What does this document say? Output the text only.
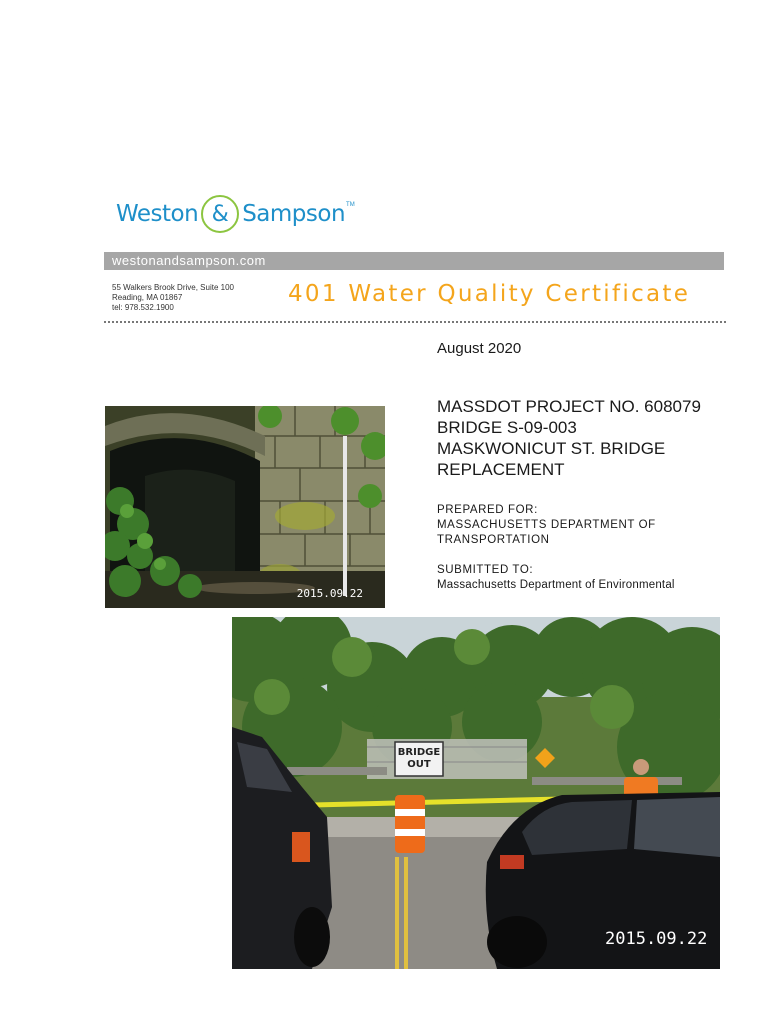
Weston & Sampson TM
westonandsampson.com
55 Walkers Brook Drive, Suite 100
Reading, MA 01867
tel: 978.532.1900
401 Water Quality Certificate
August 2020
MASSDOT PROJECT NO. 608079
BRIDGE S-09-003
MASKWONICUT ST. BRIDGE
REPLACEMENT
PREPARED FOR:
MASSACHUSETTS DEPARTMENT OF
TRANSPORTATION
SUBMITTED TO:
Massachusetts Department of Environmental
2015.09.22
2015.09.22
BRIDGE
OUT
